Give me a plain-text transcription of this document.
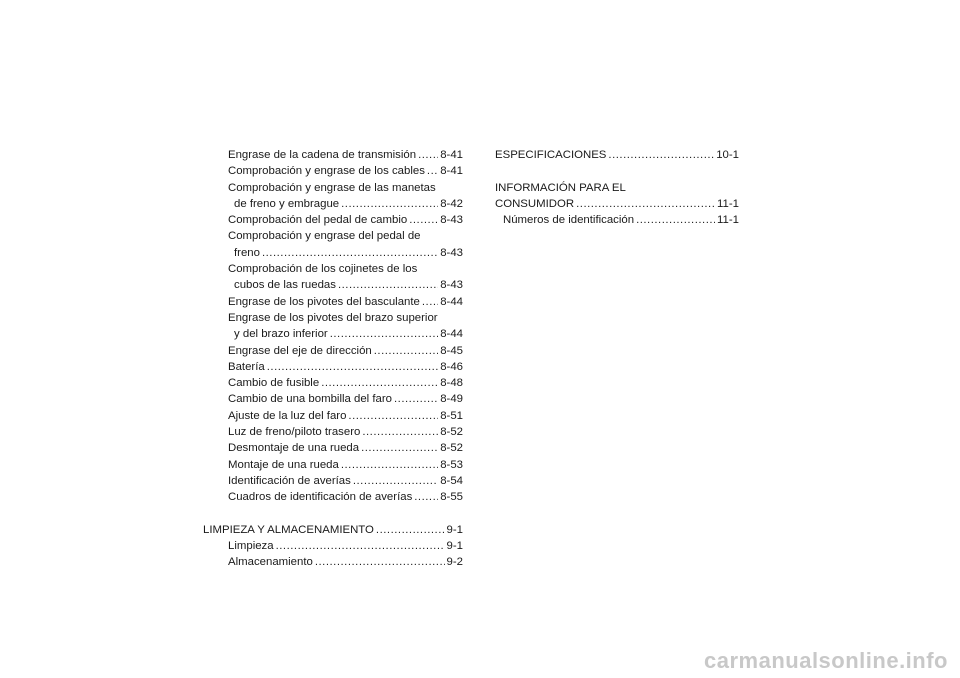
Engrase de la cadena de transmisión ..... 8-41
Comprobación y engrase de los cables ..... 8-41
Comprobación y engrase de las manetas
de freno y embrague .....	8-42
Comprobación del pedal de cambio .....	8-43
Comprobación y engrase del pedal de
freno .....	8-43
Comprobación de los cojinetes de los
cubos de las ruedas .....	8-43
Engrase de los pivotes del basculante ..... 8-44
Engrase de los pivotes del brazo superior
y del brazo inferior .....	8-44
Engrase del eje de dirección .....	8-45
Batería .....	8-46
Cambio de fusible .....	8-48
Cambio de una bombilla del faro .....	8-49
Ajuste de la luz del faro .....	8-51
Luz de freno/piloto trasero .....	8-52
Desmontaje de una rueda .....	8-52
Montaje de una rueda .....	8-53
Identificación de averías .....	8-54
Cuadros de identificación de averías ..... 8-55
LIMPIEZA Y ALMACENAMIENTO .....	9-1
Limpieza .....	9-1
Almacenamiento .....	9-2
ESPECIFICACIONES .....	10-1
INFORMACIÓN PARA EL
CONSUMIDOR .....	11-1
Números de identificación .....	11-1
carmanualsonline.info
